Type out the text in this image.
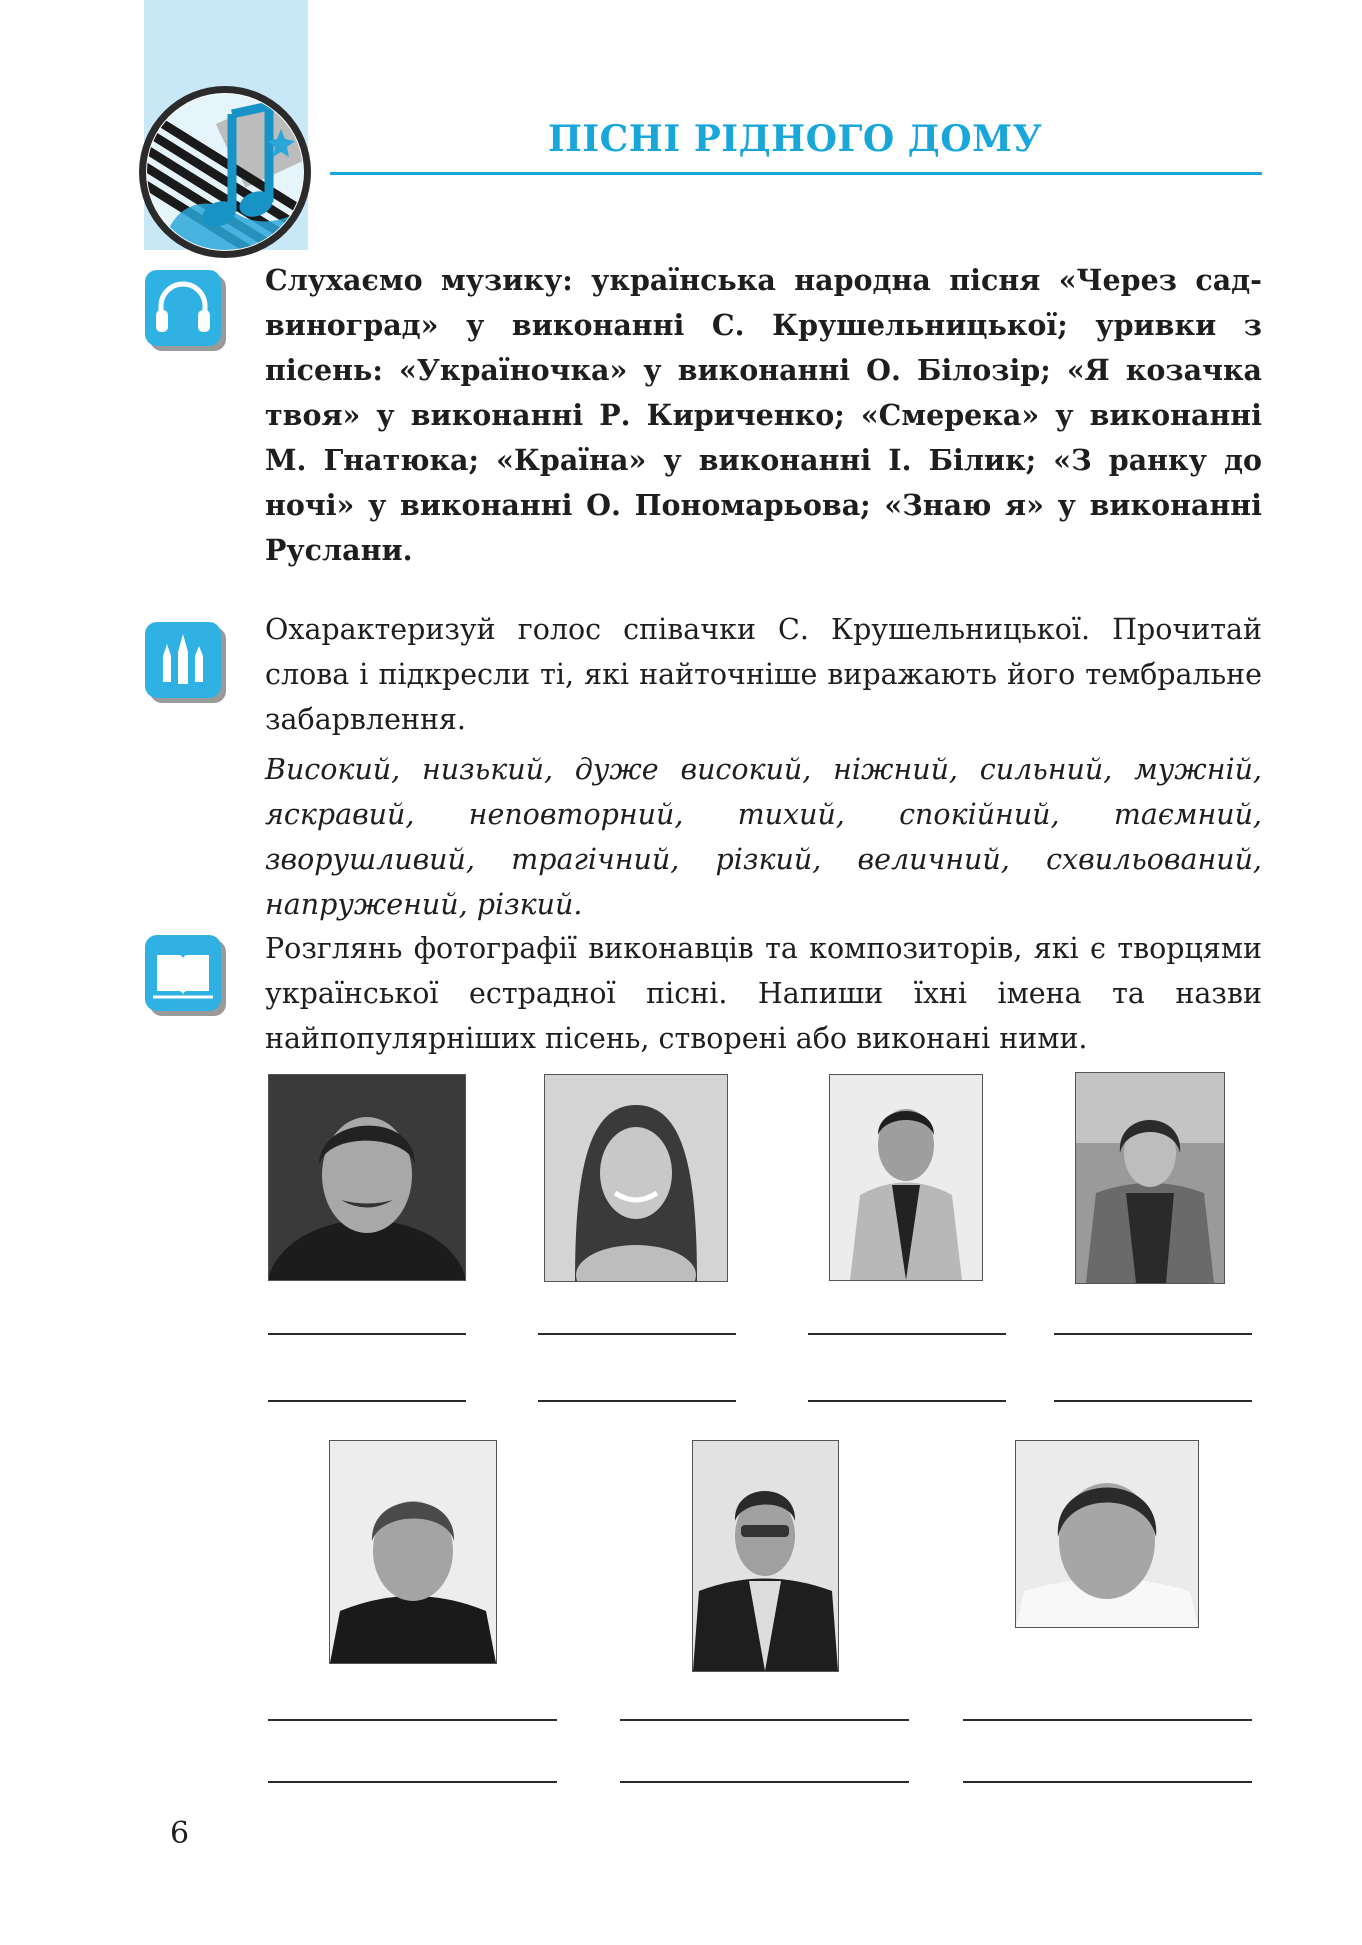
ПІСНІ РІДНОГО ДОМУ

Слухаємо музику: українська народна пісня «Через сад-виноград» у виконанні С. Крушельницької; уривки з пісень: «Україночка» у виконанні О. Білозір; «Я козачка твоя» у виконанні Р. Кириченко; «Смерека» у виконанні М. Гнатюка; «Країна» у виконанні І. Білик; «З ранку до ночі» у виконанні О. Пономарьова; «Знаю я» у виконанні Руслани.

Охарактеризуй голос співачки С. Крушельницької. Прочитай слова і підкресли ті, які найточніше виражають його тембральне забарвлення.

Високий, низький, дуже високий, ніжний, сильний, мужній, яскравий, неповторний, тихий, спокійний, таємний, зворушливий, трагічний, різкий, величний, схвильований, напружений, різкий.

Розглянь фотографії виконавців та композиторів, які є творцями української естрадної пісні. Напиши їхні імена та назви найпопулярніших пісень, створені або виконані ними.

6
